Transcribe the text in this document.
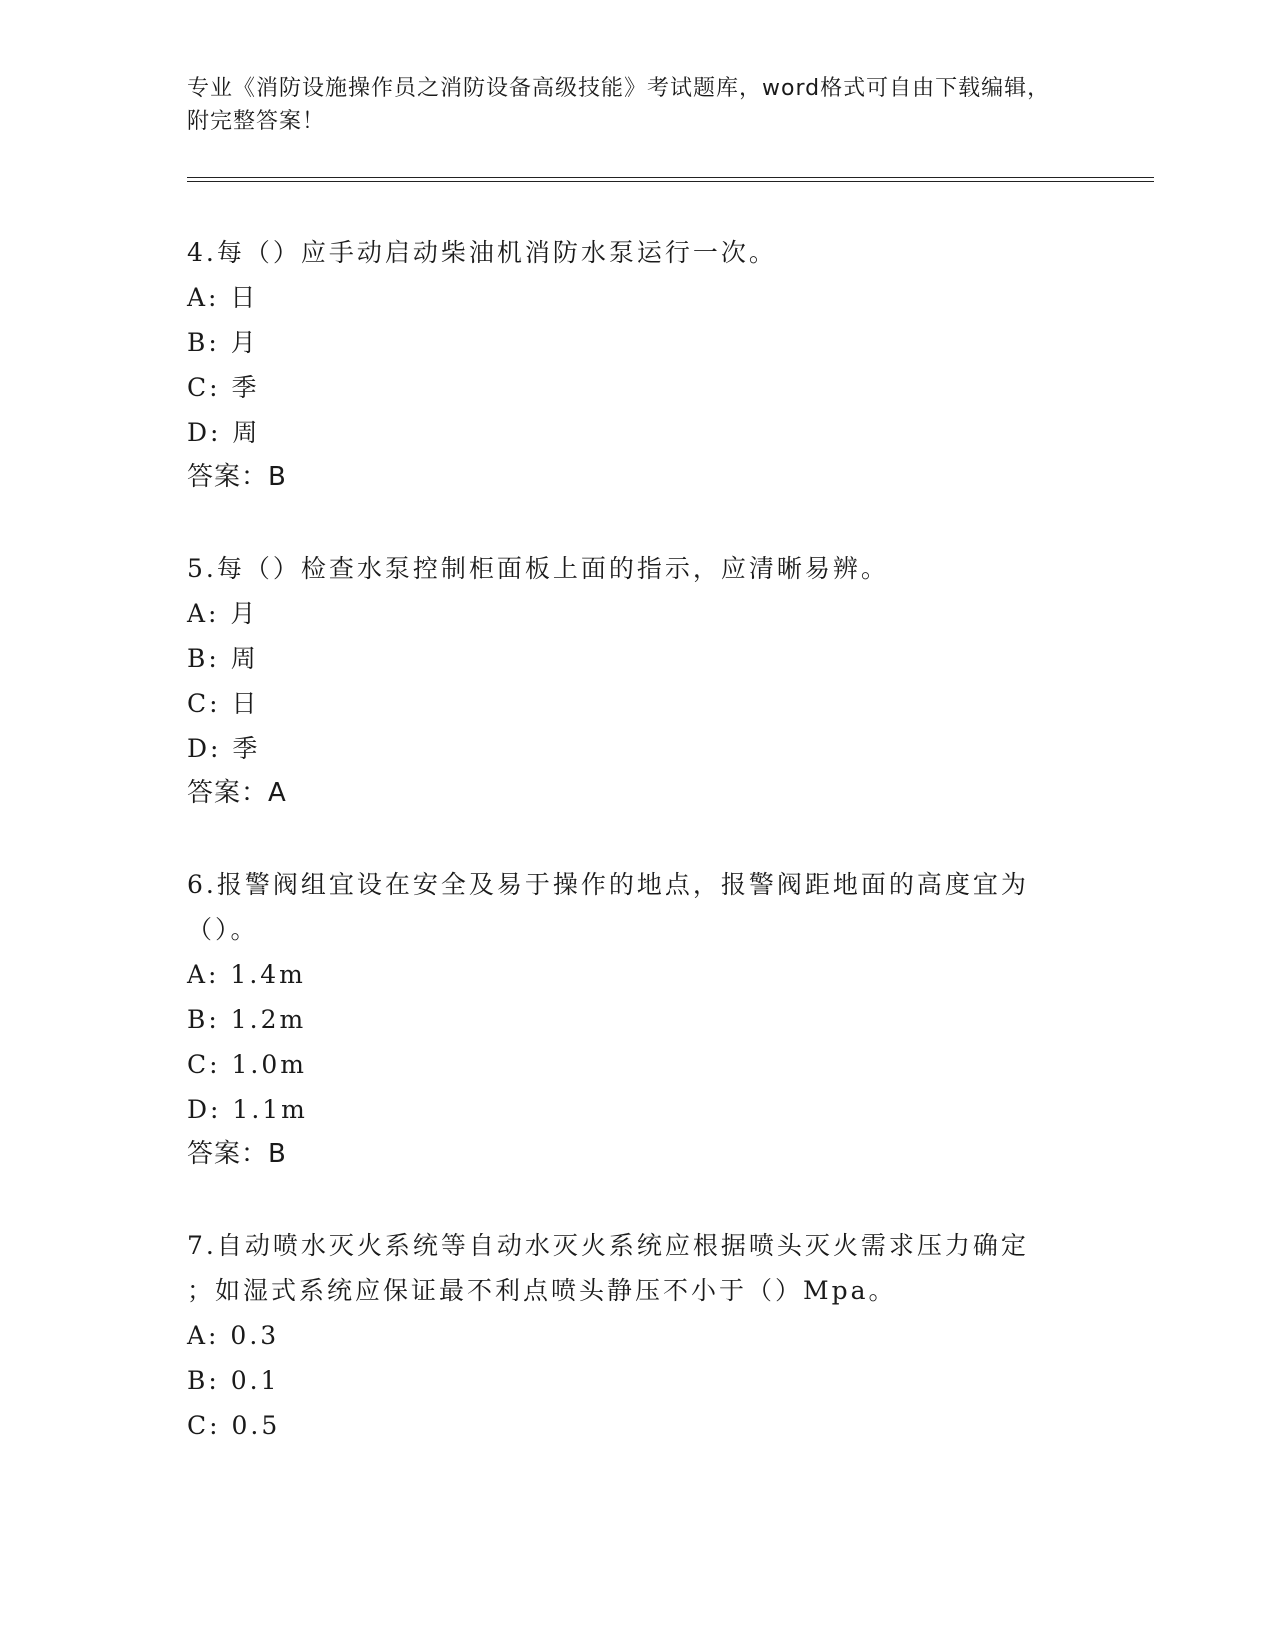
专业《消防设施操作员之消防设备高级技能》考试题库，word格式可自由下载编辑，附完整答案！
4.每（）应手动启动柴油机消防水泵运行一次。
A: 日
B: 月
C: 季
D: 周
答案：B
5.每（）检查水泵控制柜面板上面的指示，应清晰易辨。
A: 月
B: 周
C: 日
D: 季
答案：A
6.报警阀组宜设在安全及易于操作的地点，报警阀距地面的高度宜为
（）。
A: 1.4m
B: 1.2m
C: 1.0m
D: 1.1m
答案：B
7.自动喷水灭火系统等自动水灭火系统应根据喷头灭火需求压力确定
；如湿式系统应保证最不利点喷头静压不小于（）Mpa。
A: 0.3
B: 0.1
C: 0.5
